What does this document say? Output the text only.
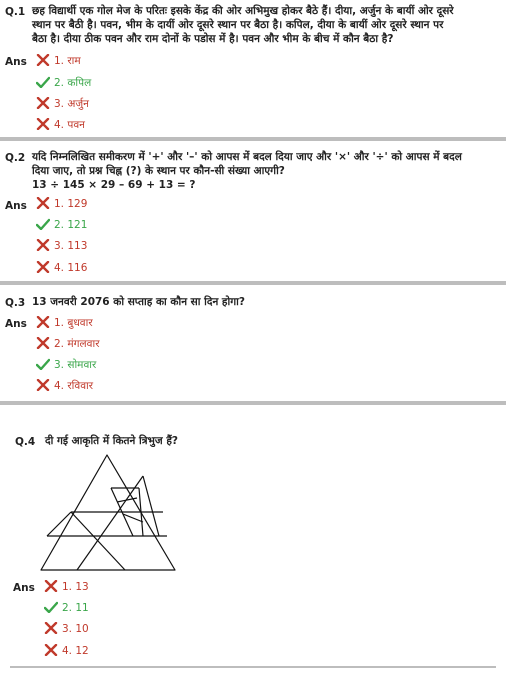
Q.1 छह विद्यार्थी एक गोल मेज के परितः इसके केंद्र की ओर अभिमुख होकर बैठे हैं। दीया, अर्जुन के बायीं ओर दूसरे
स्थान पर बैठी है। पवन, भीम के दायीं ओर दूसरे स्थान पर बैठा है। कपिल, दीया के बायीं ओर दूसरे स्थान पर
बैठा है। दीया ठीक पवन और राम दोनों के पडोस में है। पवन और भीम के बीच में कौन बैठा है?
Ans	1. राम
2. कपिल
3. अर्जुन
4. पवन
Q.2 यदि निम्नलिखित समीकरण में '+' और '–' को आपस में बदल दिया जाए और '×' और '÷' को आपस में बदल
दिया जाए, तो प्रश्न चिह्न (?) के स्थान पर कौन-सी संख्या आएगी?
13 ÷ 145 × 29 – 69 + 13 = ?
Ans	1. 129
2. 121
3. 113
4. 116
Q.3 13 जनवरी 2076 को सप्ताह का कौन सा दिन होगा?
Ans	1. बुधवार
2. मंगलवार
3. सोमवार
4. रविवार
Q.4 दी गई आकृति में कितने त्रिभुज हैं?
Ans	1. 13
2. 11
3. 10
4. 12
